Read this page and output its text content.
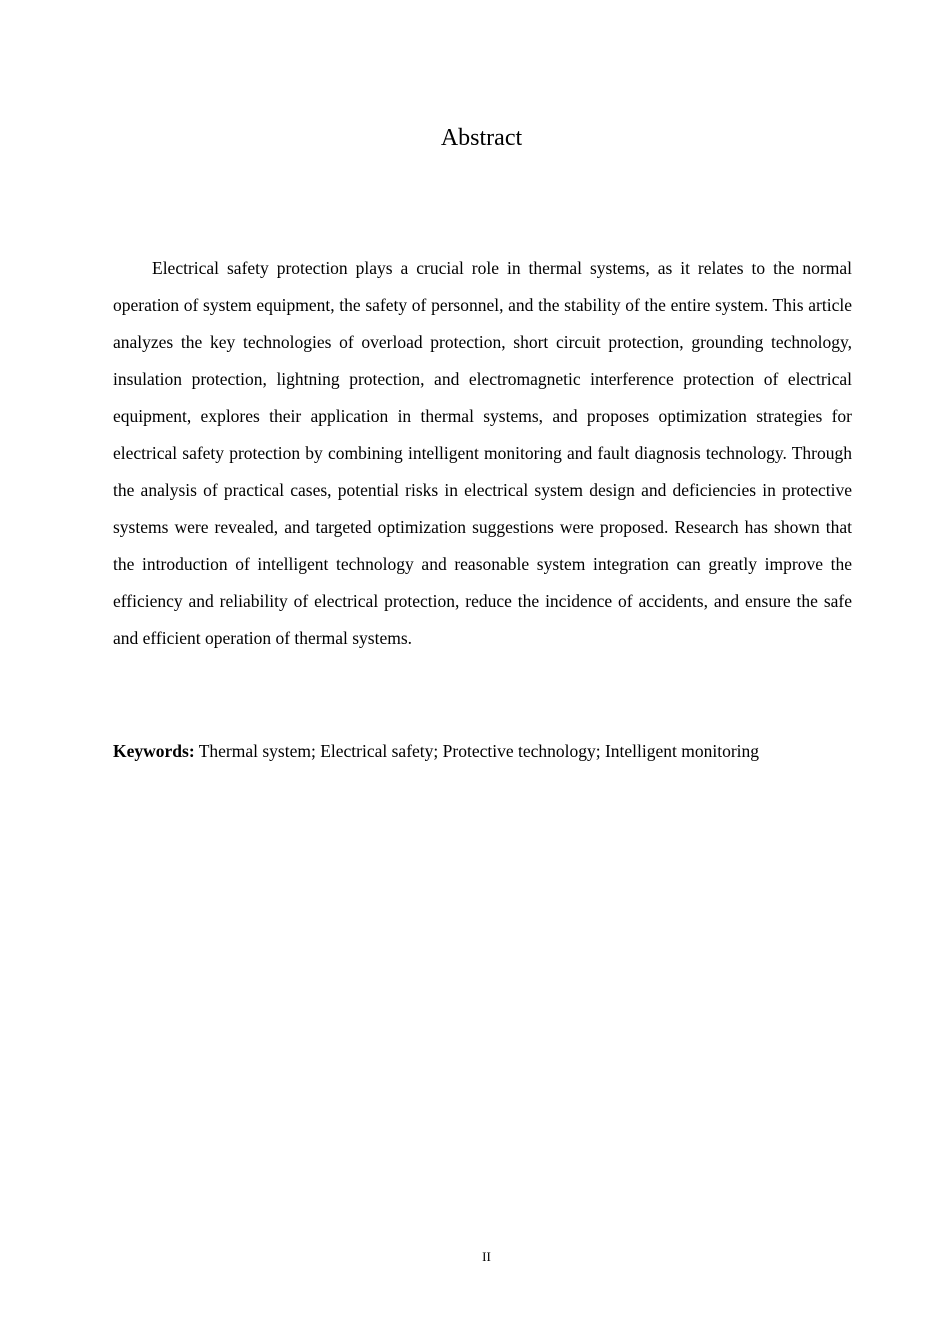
Abstract

Electrical safety protection plays a crucial role in thermal systems, as it relates to the normal operation of system equipment, the safety of personnel, and the stability of the entire system. This article analyzes the key technologies of overload protection, short circuit protection, grounding technology, insulation protection, lightning protection, and electromagnetic interference protection of electrical equipment, explores their application in thermal systems, and proposes optimization strategies for electrical safety protection by combining intelligent monitoring and fault diagnosis technology. Through the analysis of practical cases, potential risks in electrical system design and deficiencies in protective systems were revealed, and targeted optimization suggestions were proposed. Research has shown that the introduction of intelligent technology and reasonable system integration can greatly improve the efficiency and reliability of electrical protection, reduce the incidence of accidents, and ensure the safe and efficient operation of thermal systems.

Keywords: Thermal system; Electrical safety; Protective technology; Intelligent monitoring

II
